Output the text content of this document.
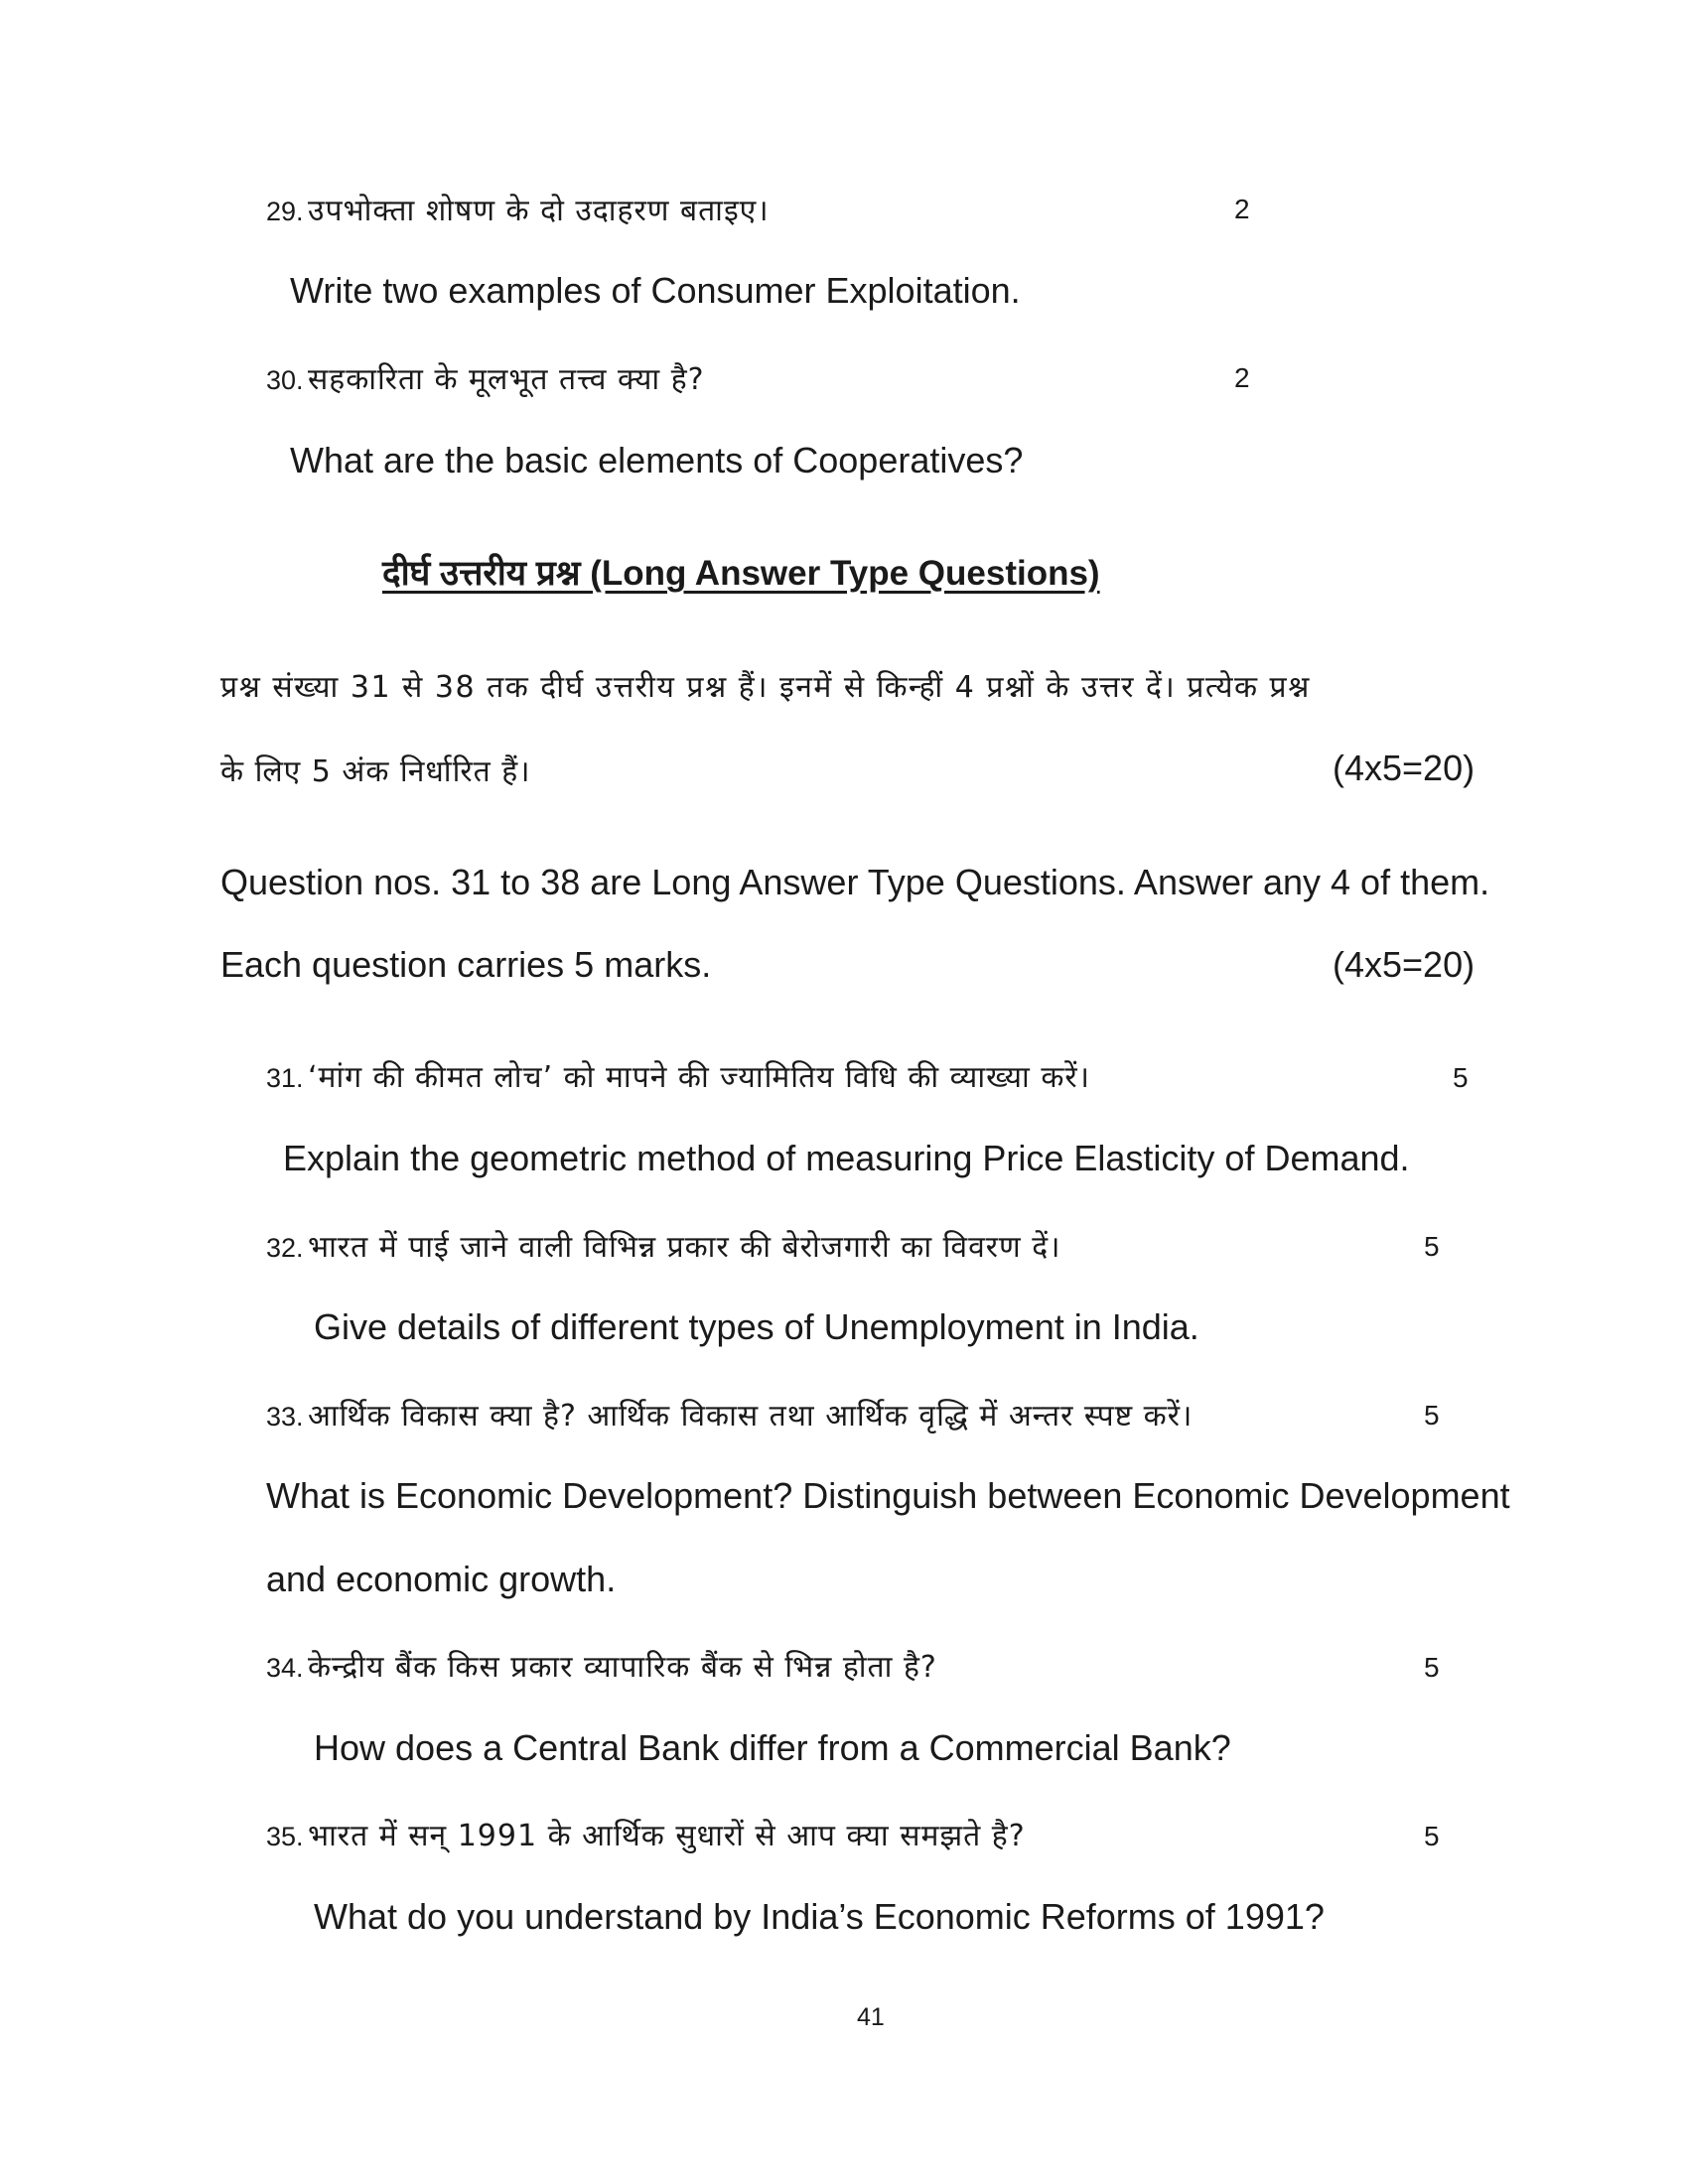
29. उपभोक्ता शोषण के दो उदाहरण बताइए।	2
Write two examples of Consumer Exploitation.
30. सहकारिता के मूलभूत तत्त्व क्या है?	2
What are the basic elements of Cooperatives?
दीर्घ उत्तरीय प्रश्न (Long Answer Type Questions)
प्रश्न संख्या 31 से 38 तक दीर्घ उत्तरीय प्रश्न हैं। इनमें से किन्हीं 4 प्रश्नों के उत्तर दें। प्रत्येक प्रश्न
के लिए 5 अंक निर्धारित हैं।	(4x5=20)
Question nos. 31 to 38 are Long Answer Type Questions. Answer any 4 of them.
Each question carries 5 marks.	(4x5=20)
31. ‘मांग की कीमत लोच’ को मापने की ज्यामितिय विधि की व्याख्या करें।	5
Explain the geometric method of measuring Price Elasticity of Demand.
32. भारत में पाई जाने वाली विभिन्न प्रकार की बेरोजगारी का विवरण दें।	5
Give details of different types of Unemployment in India.
33. आर्थिक विकास क्या है? आर्थिक विकास तथा आर्थिक वृद्धि में अन्तर स्पष्ट करें।	5
What is Economic Development? Distinguish between Economic Development
and economic growth.
34. केन्द्रीय बैंक किस प्रकार व्यापारिक बैंक से भिन्न होता है?	5
How does a Central Bank differ from a Commercial Bank?
35. भारत में सन् 1991 के आर्थिक सुधारों से आप क्या समझते है?	5
What do you understand by India’s Economic Reforms of 1991?
41
